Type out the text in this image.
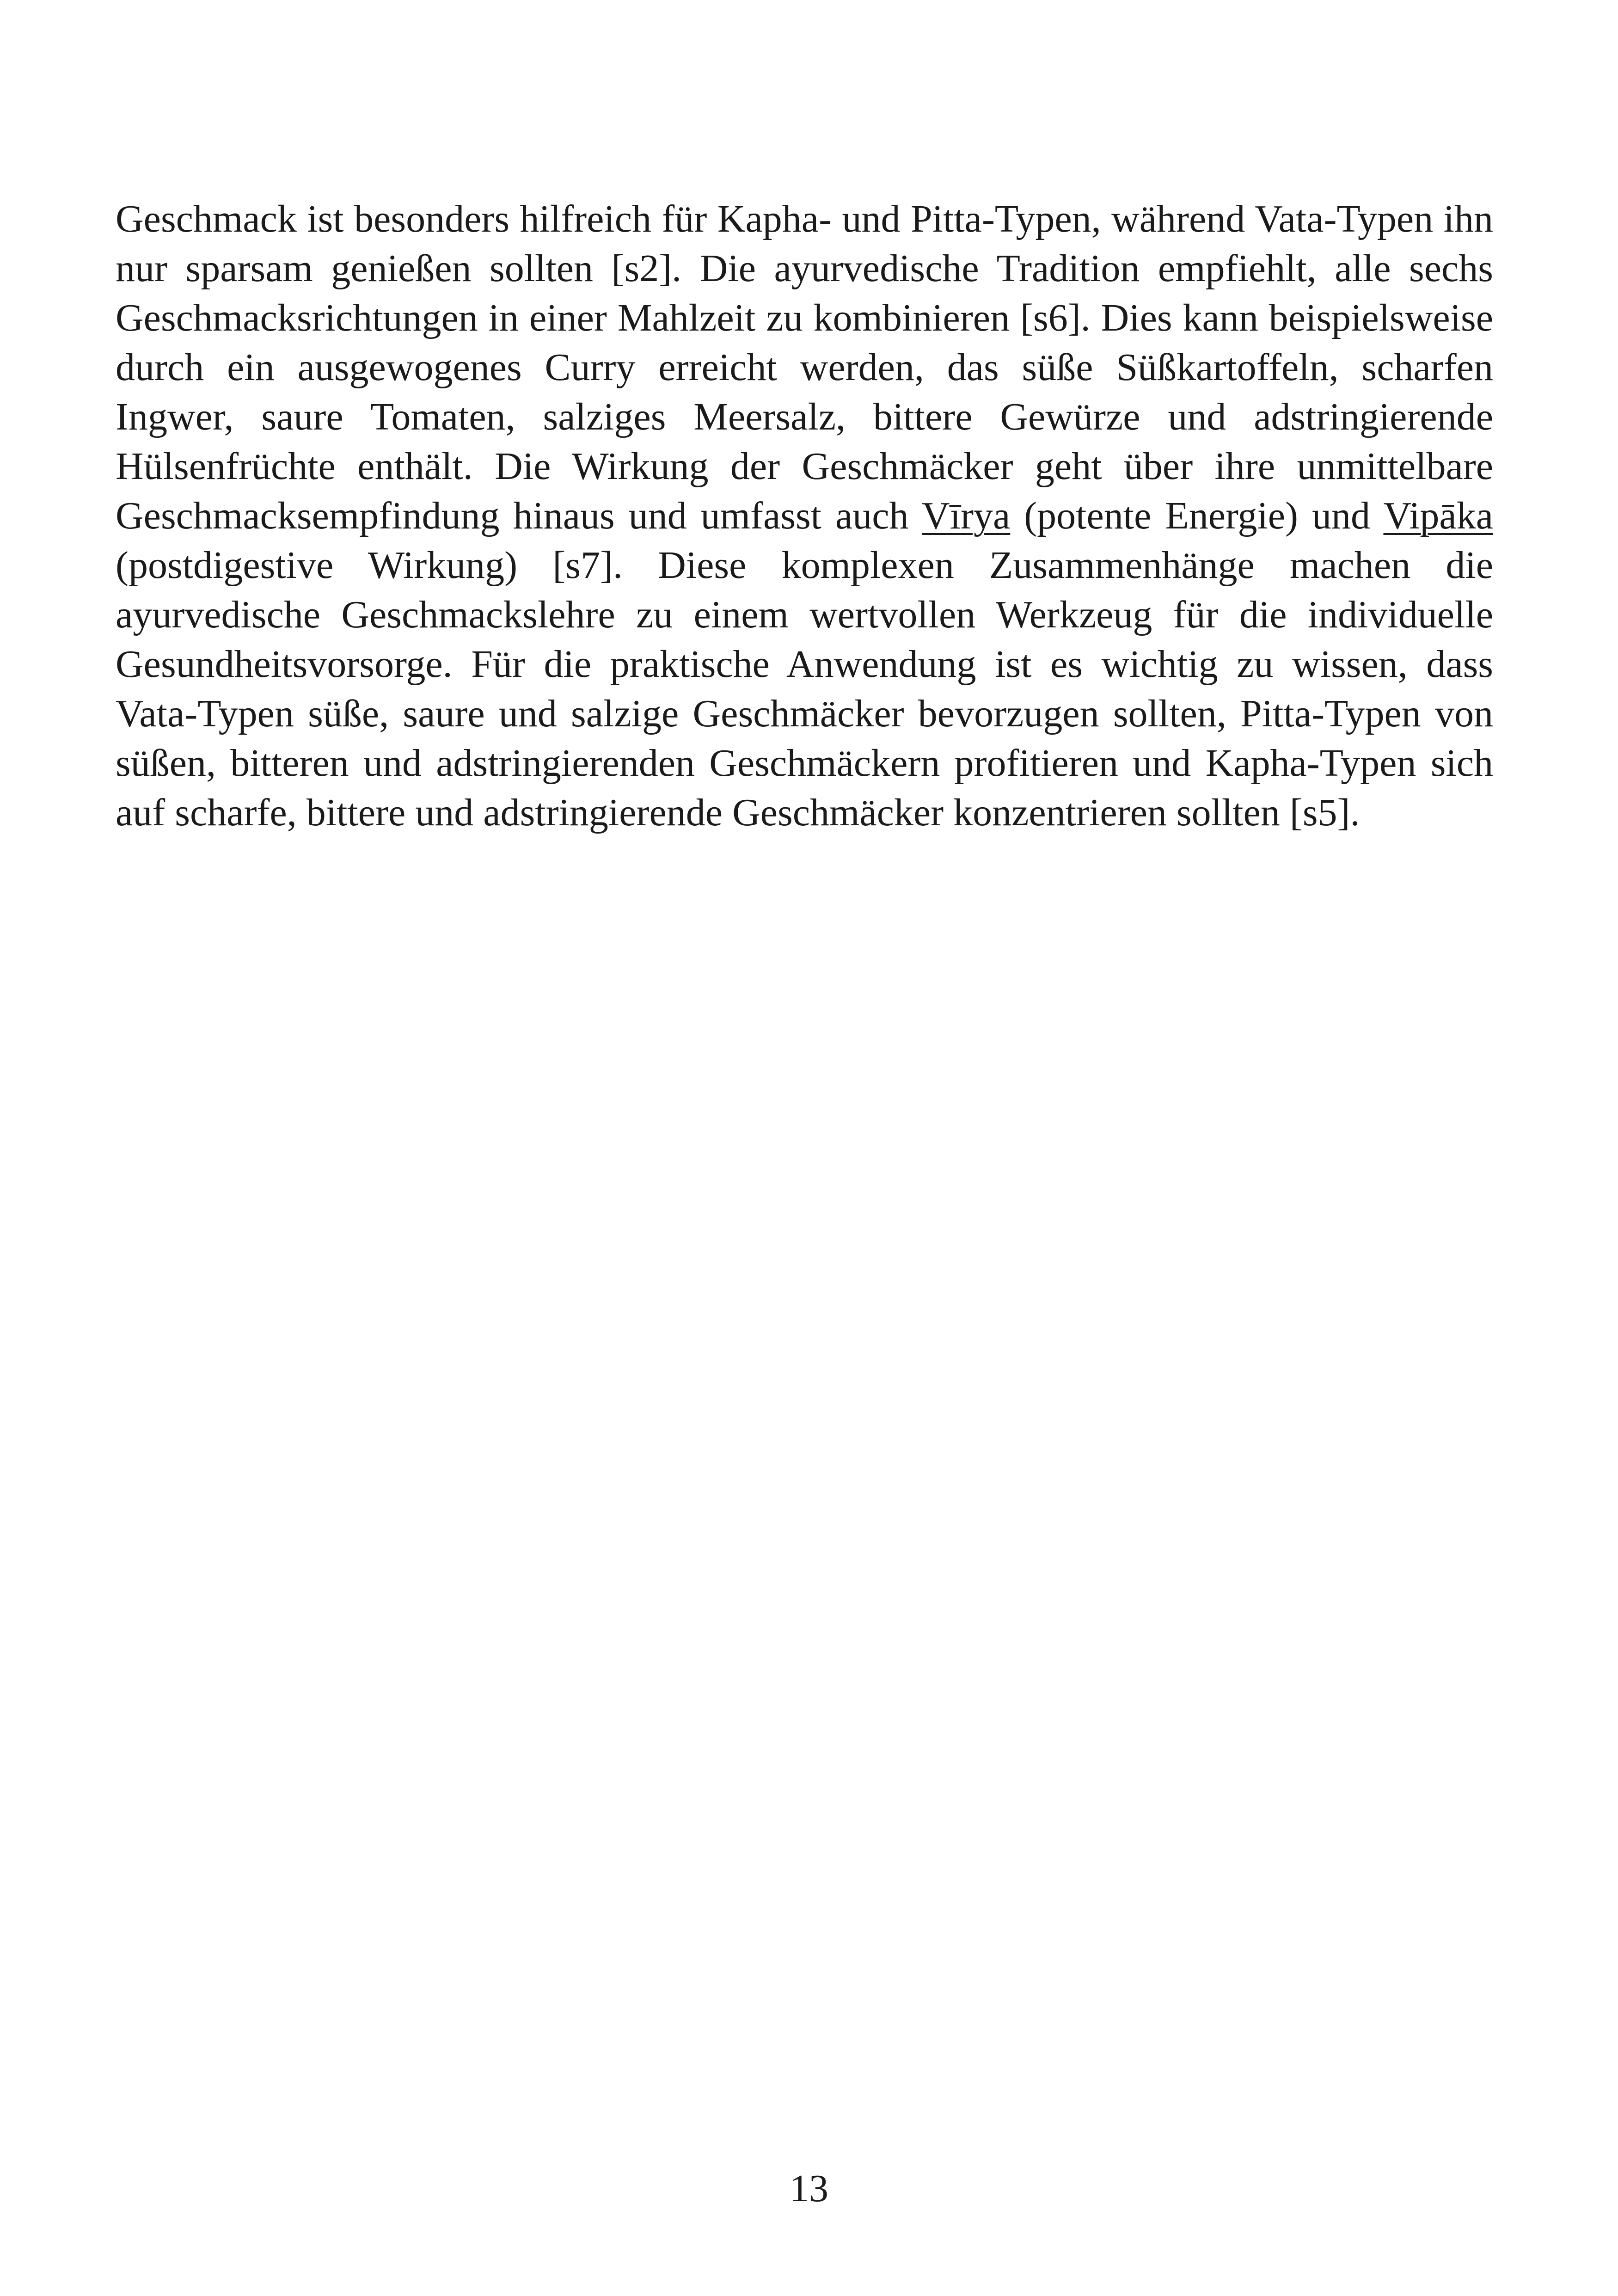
Geschmack ist besonders hilfreich für Kapha- und Pitta-Typen, während Vata-Typen ihn nur sparsam genießen sollten [s2]. Die ayurvedische Tradition empfiehlt, alle sechs Geschmacksrichtungen in einer Mahlzeit zu kombinieren [s6]. Dies kann beispielsweise durch ein ausgewogenes Curry erreicht werden, das süße Süßkartoffeln, scharfen Ingwer, saure Tomaten, salziges Meersalz, bittere Gewürze und adstringierende Hülsenfrüchte enthält. Die Wirkung der Geschmäcker geht über ihre unmittelbare Geschmacksempfindung hinaus und umfasst auch Vīrya (potente Energie) und Vipāka (postdigestive Wirkung) [s7]. Diese komplexen Zusammenhänge machen die ayurvedische Geschmackslehre zu einem wertvollen Werkzeug für die individuelle Gesundheitsvorsorge. Für die praktische Anwendung ist es wichtig zu wissen, dass Vata-Typen süße, saure und salzige Geschmäcker bevorzugen sollten, Pitta-Typen von süßen, bitteren und adstringierenden Geschmäckern profitieren und Kapha-Typen sich auf scharfe, bittere und adstringierende Geschmäcker konzentrieren sollten [s5].

13
